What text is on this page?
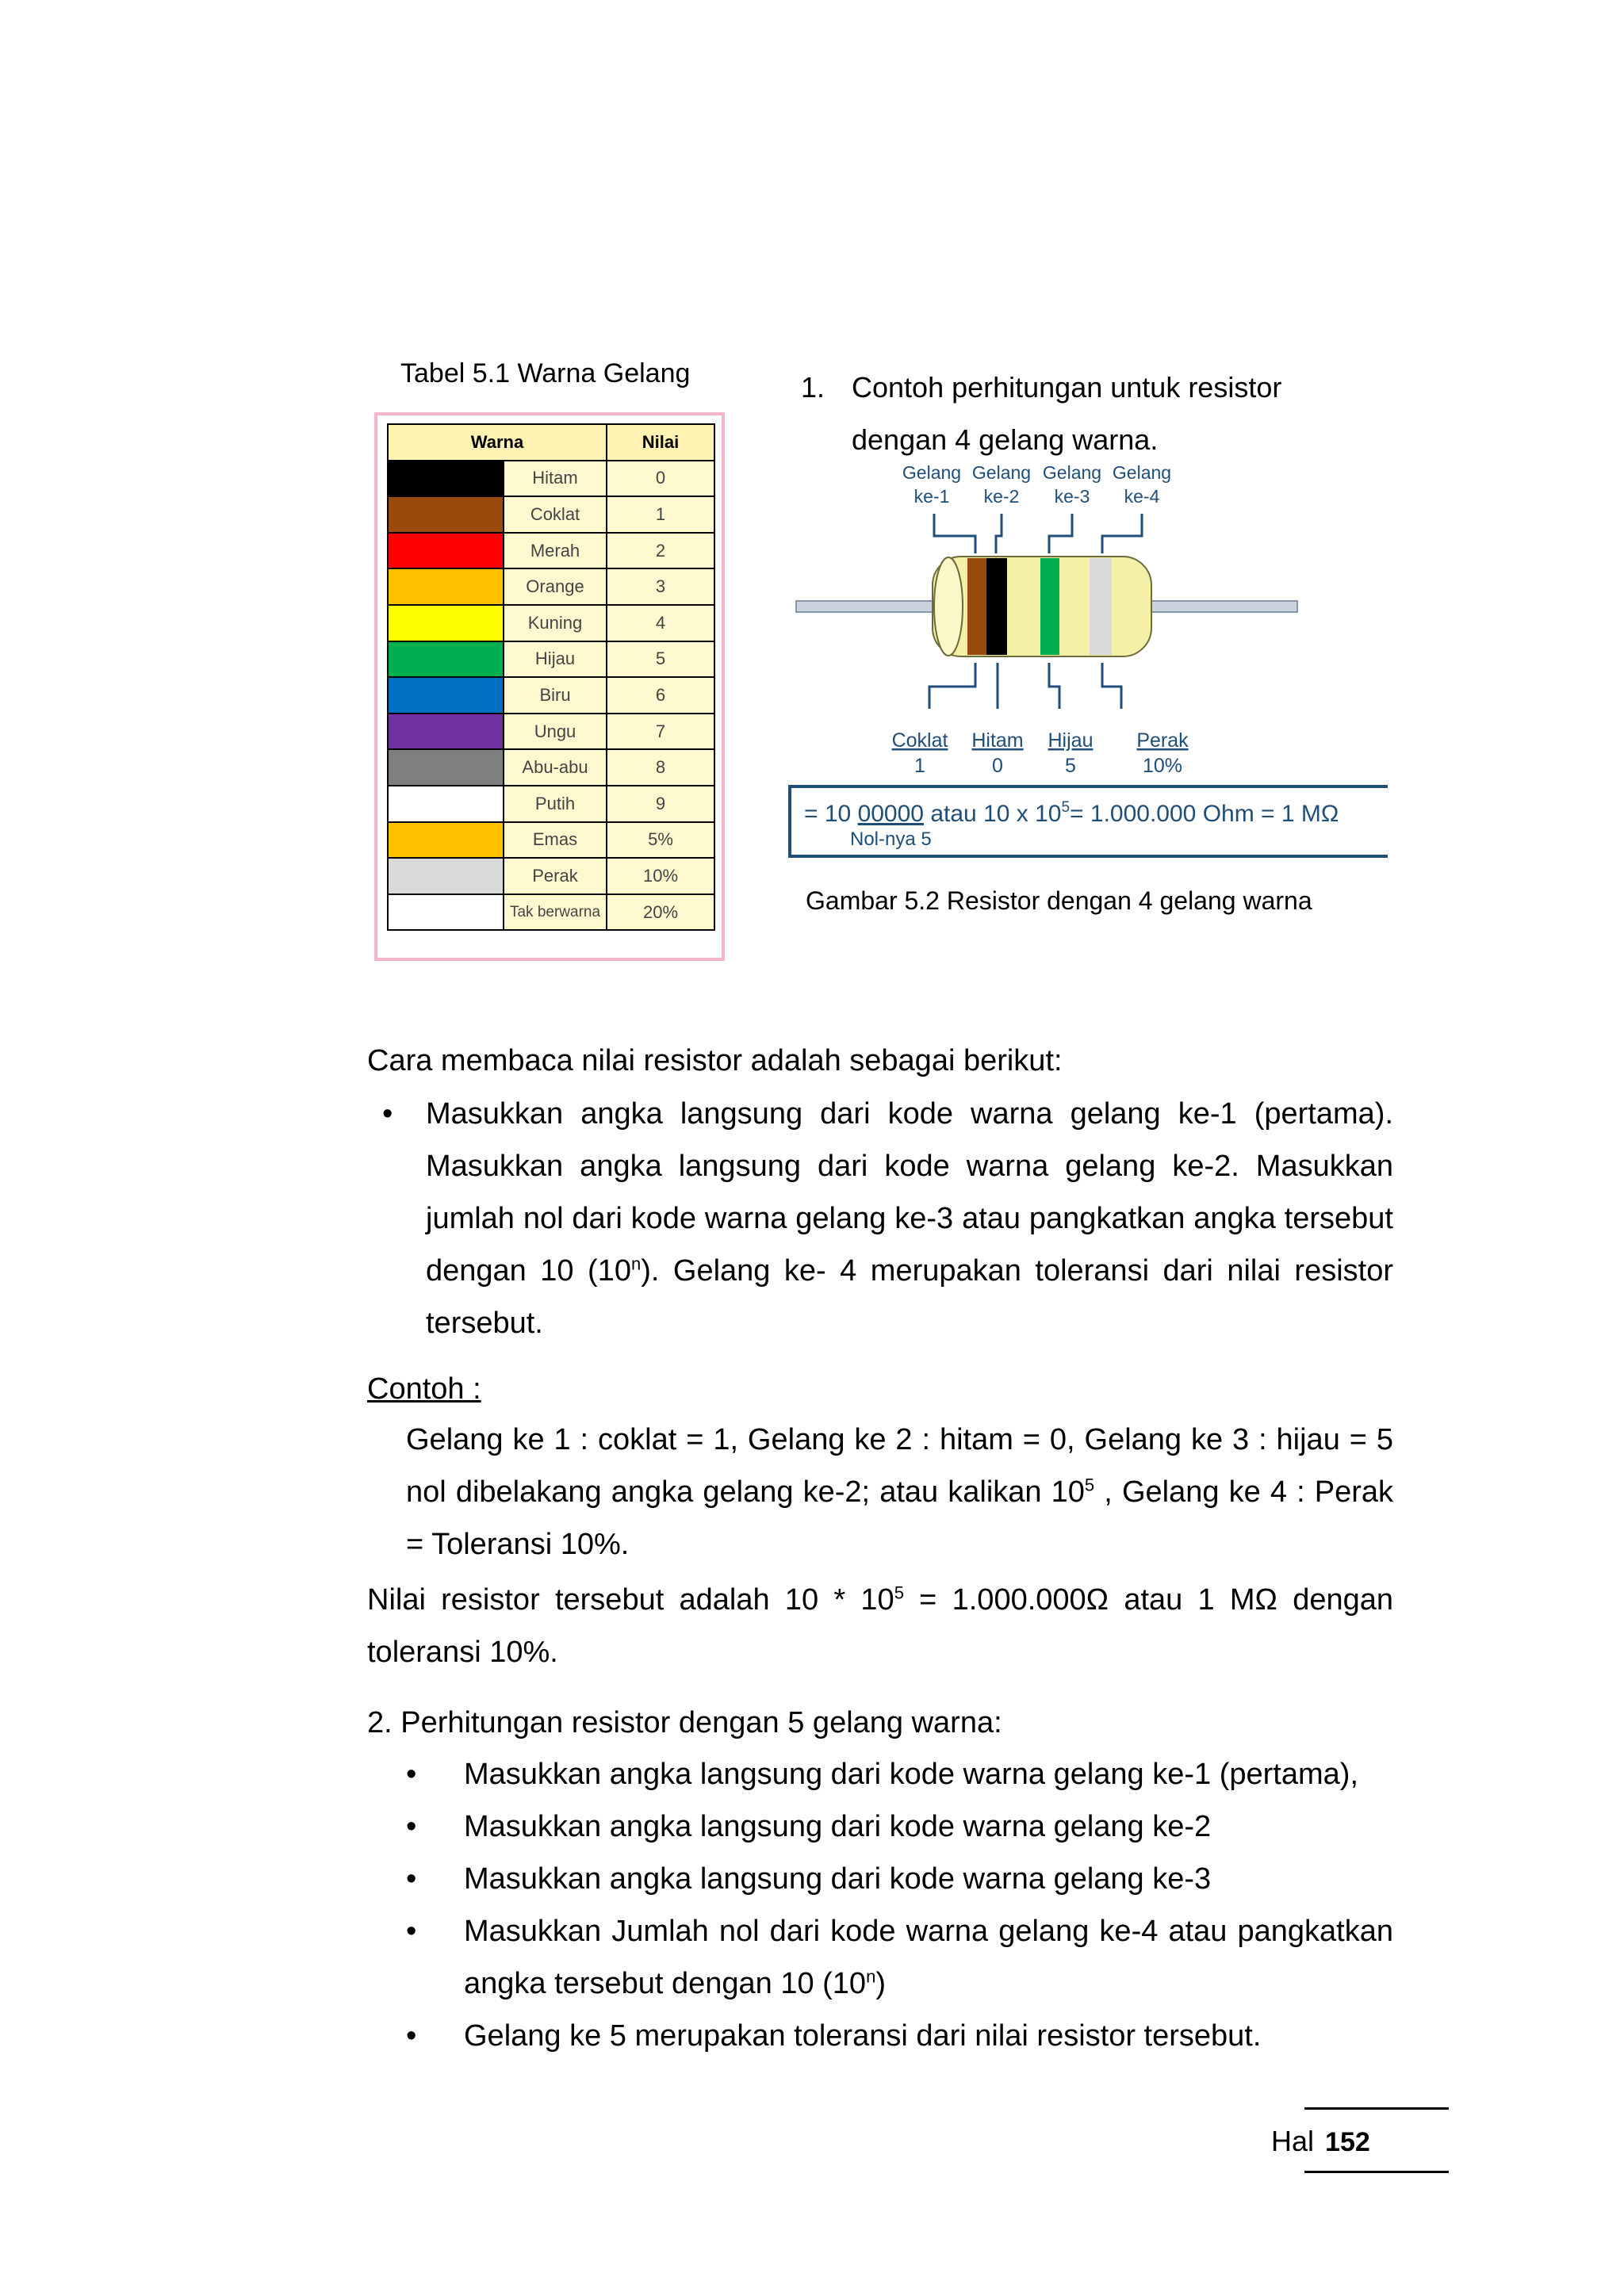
Tabel 5.1 Warna Gelang
Warna		Nilai
	Hitam	0
	Coklat	1
	Merah	2
	Orange	3
	Kuning	4
	Hijau	5
	Biru	6
	Ungu	7
	Abu-abu	8
	Putih	9
	Emas	5%
	Perak	10%
	Tak berwarna	20%
1. Contoh perhitungan untuk resistor
dengan 4 gelang warna.
Gelang
ke-1
Gelang
ke-2
Gelang
ke-3
Gelang
ke-4
Coklat
1
Hitam
0
Hijau
5
Perak
10%
= 10 00000 atau 10 x $10^5= 1.000.000$ Ohm = 1 MΩ
Nol-nya 5
Gambar 5.2 Resistor dengan 4 gelang warna
Cara membaca nilai resistor adalah sebagai berikut:
• Masukkan angka langsung dari kode warna gelang ke-1 (pertama). Masukkan angka langsung dari kode warna gelang ke-2. Masukkan jumlah nol dari kode warna gelang ke-3 atau pangkatkan angka tersebut dengan 10 (10$^n$). Gelang ke- 4 merupakan toleransi dari nilai resistor tersebut.
Contoh :
Gelang ke 1 : coklat = 1, Gelang ke 2 : hitam = 0, Gelang ke 3 : hijau = 5 nol dibelakang angka gelang ke-2; atau kalikan $10^5$ , Gelang ke 4 : Perak = Toleransi 10%.
Nilai resistor tersebut adalah $10 * 10^5 = 1.000.000\Omega$ atau 1 MΩ dengan toleransi 10%.
2. Perhitungan resistor dengan 5 gelang warna:
• Masukkan angka langsung dari kode warna gelang ke-1 (pertama),
• Masukkan angka langsung dari kode warna gelang ke-2
• Masukkan angka langsung dari kode warna gelang ke-3
• Masukkan Jumlah nol dari kode warna gelang ke-4 atau pangkatkan angka tersebut dengan 10 (10$^n$)
• Gelang ke 5 merupakan toleransi dari nilai resistor tersebut.
Hal 152
